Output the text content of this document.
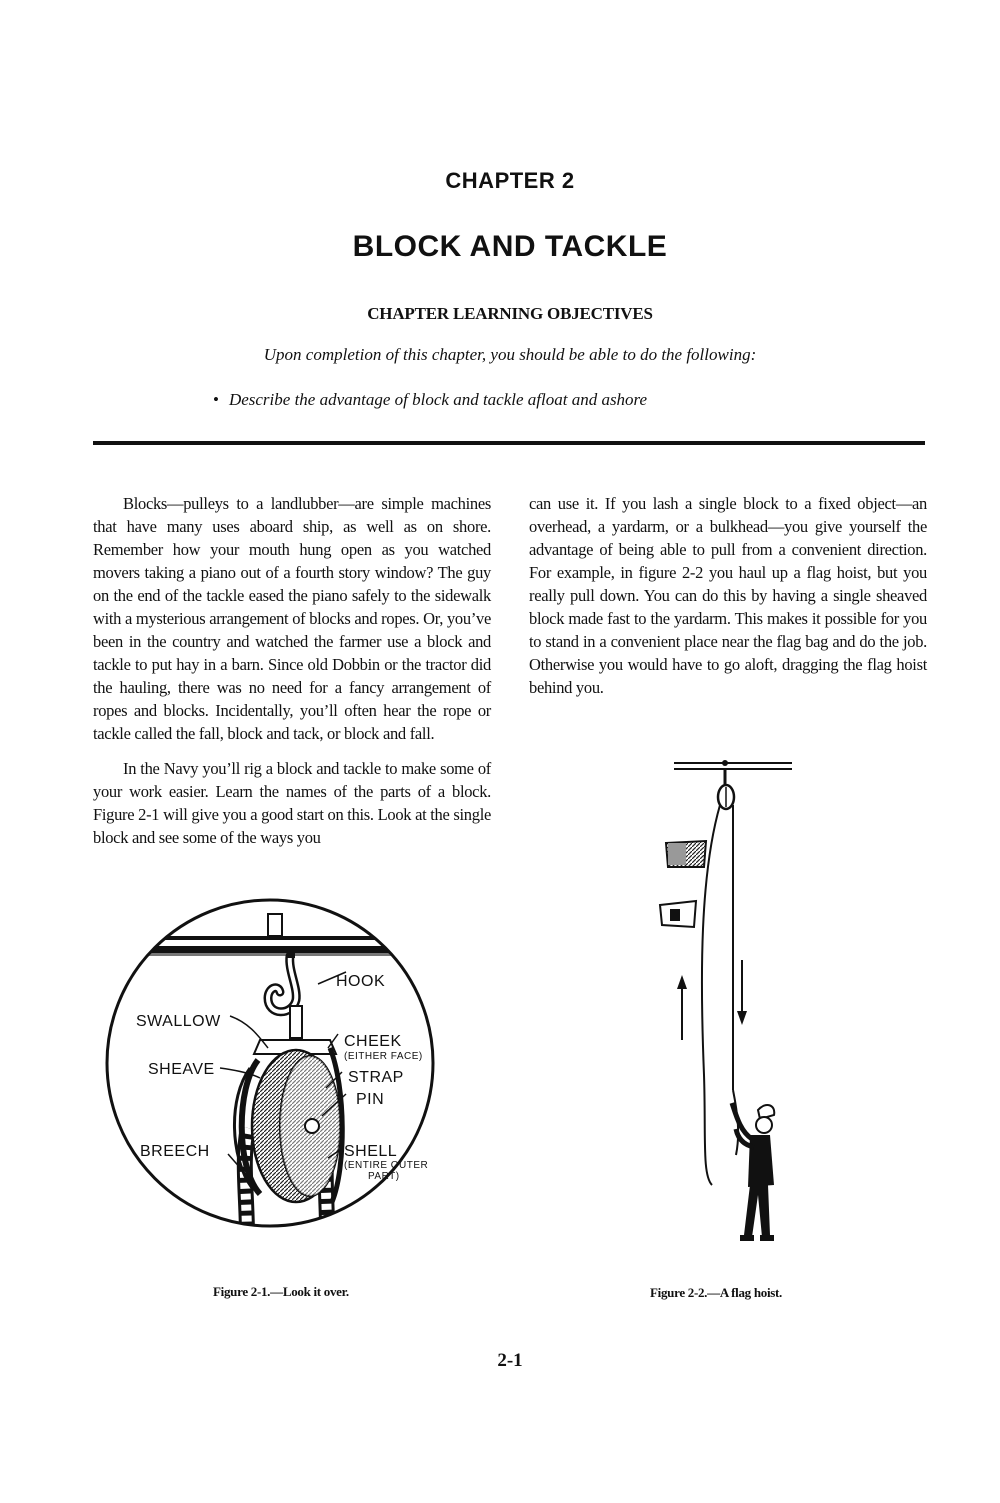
CHAPTER 2
BLOCK AND TACKLE
CHAPTER LEARNING OBJECTIVES
Upon completion of this chapter, you should be able to do the following:
• Describe the advantage of block and tackle afloat and ashore

Blocks—pulleys to a landlubber—are simple machines that have many uses aboard ship, as well as on shore. Remember how your mouth hung open as you watched movers taking a piano out of a fourth story window? The guy on the end of the tackle eased the piano safely to the sidewalk with a mysterious arrangement of blocks and ropes. Or, you’ve been in the country and watched the farmer use a block and tackle to put hay in a barn. Since old Dobbin or the tractor did the hauling, there was no need for a fancy arrangement of ropes and blocks. Incidentally, you’ll often hear the rope or tackle called the fall, block and tack, or block and fall.

In the Navy you’ll rig a block and tackle to make some of your work easier. Learn the names of the parts of a block. Figure 2-1 will give you a good start on this. Look at the single block and see some of the ways you

can use it. If you lash a single block to a fixed object—an overhead, a yardarm, or a bulkhead—you give yourself the advantage of being able to pull from a convenient direction. For example, in figure 2-2 you haul up a flag hoist, but you really pull down. You can do this by having a single sheaved block made fast to the yardarm. This makes it possible for you to stand in a convenient place near the flag bag and do the job. Otherwise you would have to go aloft, dragging the flag hoist behind you.

HOOK
SWALLOW
CHEEK
(EITHER FACE)
SHEAVE	STRAP
PIN
BREECH	SHELL
(ENTIRE OUTER
PART)
Figure 2-1.—Look it over.	Figure 2-2.—A flag hoist.
2-1
